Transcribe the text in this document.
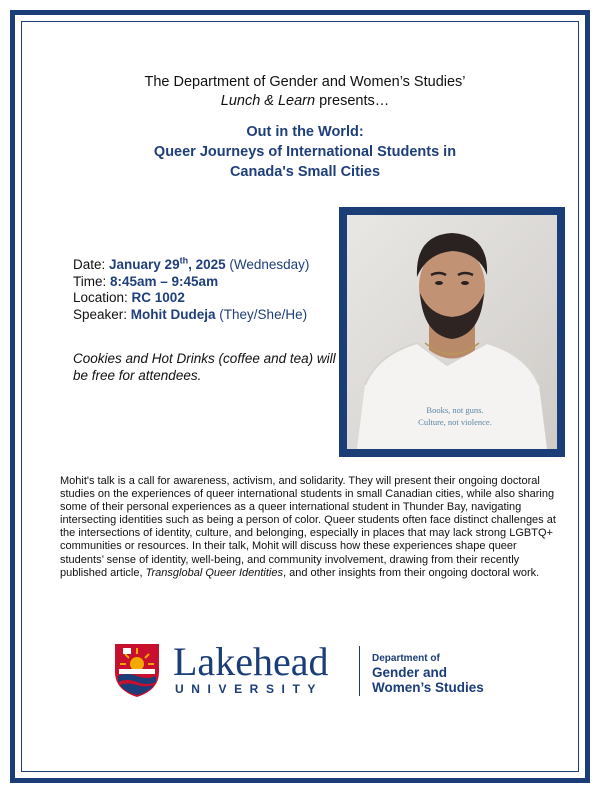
The Department of Gender and Women’s Studies’
Lunch & Learn presents…
Out in the World:
Queer Journeys of International Students in
Canada's Small Cities
Books, not guns.
Culture, not violence.
Date: January 29th, 2025 (Wednesday)
Time: 8:45am – 9:45am
Location: RC 1002
Speaker: Mohit Dudeja (They/She/He)
Cookies and Hot Drinks (coffee and tea) will be free for attendees.
Mohit's talk is a call for awareness, activism, and solidarity. They will present their ongoing doctoral studies on the experiences of queer international students in small Canadian cities, while also sharing some of their personal experiences as a queer international student in Thunder Bay, navigating intersecting identities such as being a person of color. Queer students often face distinct challenges at the intersections of identity, culture, and belonging, especially in places that may lack strong LGBTQ+ communities or resources. In their talk, Mohit will discuss how these experiences shape queer students’ sense of identity, well-being, and community involvement, drawing from their recently published article, Transglobal Queer Identities, and other insights from their ongoing doctoral work.
Lakehead
UNIVERSITY
Department of
Gender and
Women’s Studies
